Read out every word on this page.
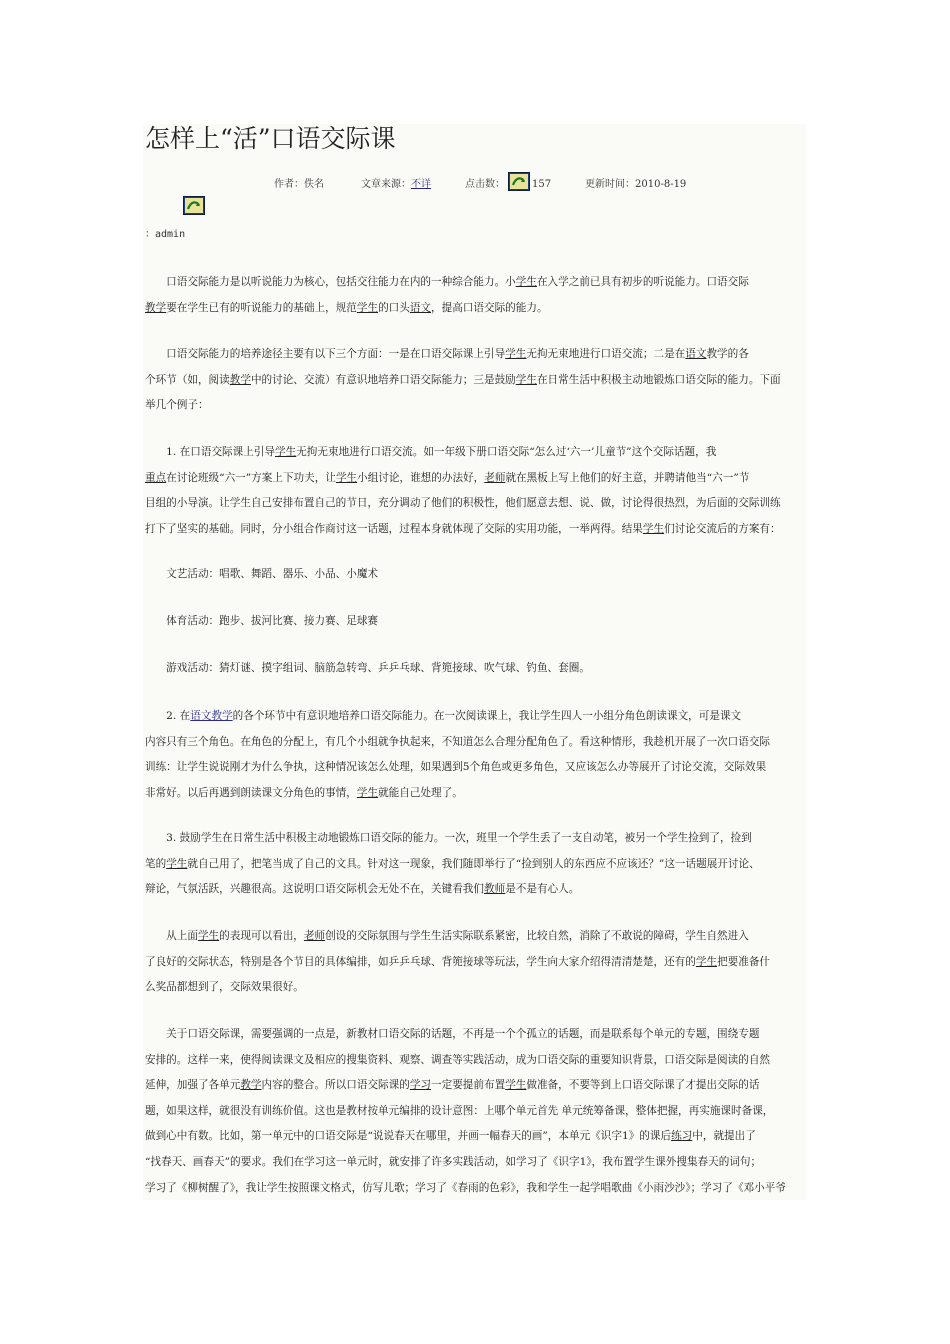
怎样上“活”口语交际课
作者：佚名	文章来源：不详	点击数：	157	更新时间：2010-8-19
：admin
　　口语交际能力是以听说能力为核心，包括交往能力在内的一种综合能力。小学生在入学之前已具有初步的听说能力。口语交际
教学要在学生已有的听说能力的基础上，规范学生的口头语文，提高口语交际的能力。
　　口语交际能力的培养途径主要有以下三个方面：一是在口语交际课上引导学生无拘无束地进行口语交流；二是在语文教学的各
个环节（如，阅读教学中的讨论、交流）有意识地培养口语交际能力；三是鼓励学生在日常生活中积极主动地锻炼口语交际的能力。下面
举几个例子：
　　1. 在口语交际课上引导学生无拘无束地进行口语交流。如一年级下册口语交际“怎么过‘六一’儿童节”这个交际话题，我
重点在讨论班级“六一”方案上下功夫，让学生小组讨论，谁想的办法好，老师就在黑板上写上他们的好主意，并聘请他当“六一”节
目组的小导演。让学生自己安排布置自己的节日，充分调动了他们的积极性，他们愿意去想、说、做，讨论得很热烈，为后面的交际训练
打下了坚实的基础。同时，分小组合作商讨这一话题，过程本身就体现了交际的实用功能，一举两得。结果学生们讨论交流后的方案有：
　　文艺活动：唱歌、舞蹈、器乐、小品、小魔术
　　体育活动：跑步、拔河比赛、接力赛、足球赛
　　游戏活动：猜灯谜、摸字组词、脑筋急转弯、乒乒乓球、背篼接球、吹气球、钓鱼、套圈。
　　2. 在语文教学的各个环节中有意识地培养口语交际能力。在一次阅读课上，我让学生四人一小组分角色朗读课文，可是课文
内容只有三个角色。在角色的分配上，有几个小组就争执起来，不知道怎么合理分配角色了。看这种情形，我趁机开展了一次口语交际
训练：让学生说说刚才为什么争执，这种情况该怎么处理，如果遇到5个角色或更多角色，又应该怎么办等展开了讨论交流，交际效果
非常好。以后再遇到朗读课文分角色的事情，学生就能自己处理了。
　　3. 鼓励学生在日常生活中积极主动地锻炼口语交际的能力。一次，班里一个学生丢了一支自动笔，被另一个学生捡到了，捡到
笔的学生就自己用了，把笔当成了自己的文具。针对这一现象，我们随即举行了“捡到别人的东西应不应该还？”这一话题展开讨论、
辩论，气氛活跃，兴趣很高。这说明口语交际机会无处不在，关键看我们教师是不是有心人。
　　从上面学生的表现可以看出，老师创设的交际氛围与学生生活实际联系紧密，比较自然，消除了不敢说的障碍，学生自然进入
了良好的交际状态，特别是各个节目的具体编排，如乒乒乓球、背篼接球等玩法，学生向大家介绍得清清楚楚，还有的学生把要准备什
么奖品都想到了，交际效果很好。
　　关于口语交际课，需要强调的一点是，新教材口语交际的话题，不再是一个个孤立的话题，而是联系每个单元的专题，围绕专题
安排的。这样一来，使得阅读课文及相应的搜集资料、观察、调查等实践活动，成为口语交际的重要知识背景，口语交际是阅读的自然
延伸，加强了各单元教学内容的整合。所以口语交际课的学习一定要提前布置学生做准备，不要等到上口语交际课了才提出交际的话
题，如果这样，就很没有训练价值。这也是教材按单元编排的设计意图：上哪个单元首先 单元统筹备课，整体把握，再实施课时备课，
做到心中有数。比如，第一单元中的口语交际是“说说春天在哪里，并画一幅春天的画”，本单元《识字1》的课后练习中，就提出了
“找春天、画春天”的要求。我们在学习这一单元时，就安排了许多实践活动，如学习了《识字1》，我布置学生课外搜集春天的词句；
学习了《柳树醒了》，我让学生按照课文格式，仿写儿歌；学习了《春雨的色彩》，我和学生一起学唱歌曲《小雨沙沙》；学习了《邓小平爷
